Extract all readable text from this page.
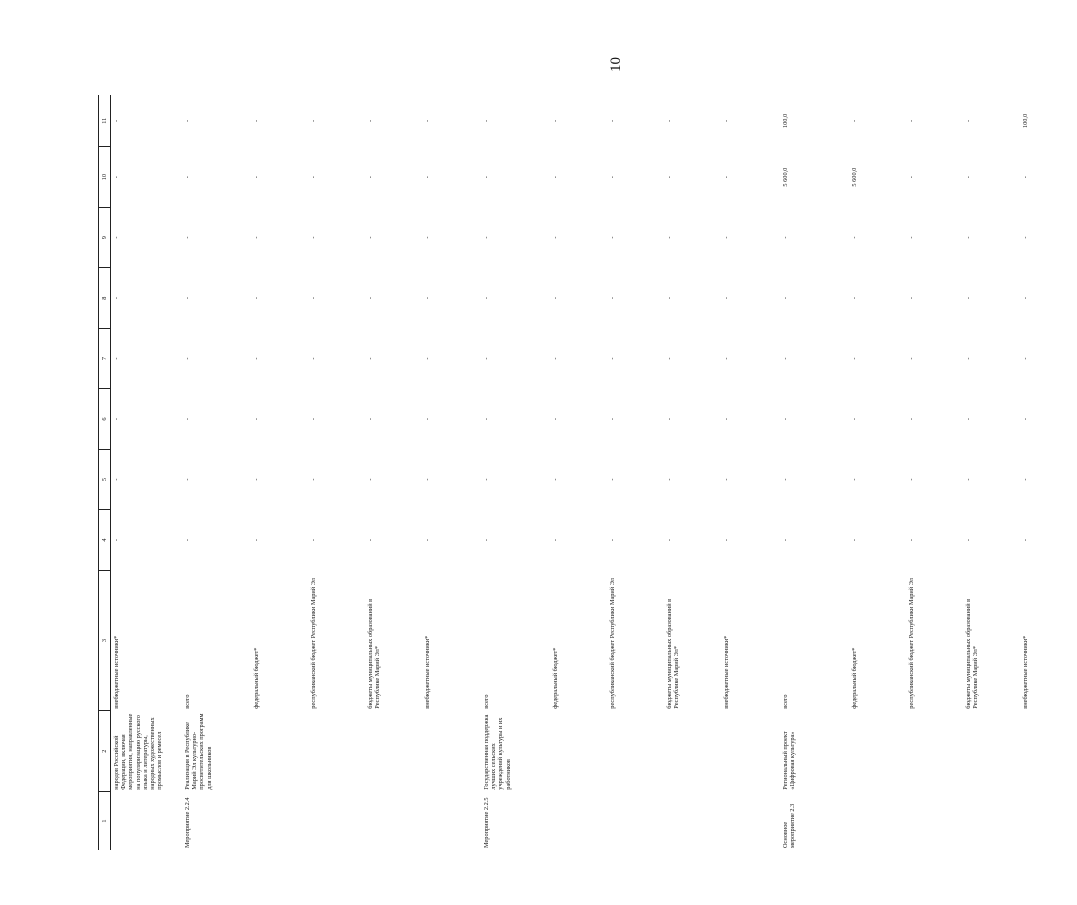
10
1	2	3	4	5	6	7	8	9	10	11
	народов Российской Федерации, включая мероприятия, направленные на популяризацию русского языка и литературы, народных художественных промыслов и ремесел	внебюджетные источники*	-	-	-	-	-	-	-	-
Мероприятие 2.2.4	Реализация в Республике Марий Эл культурно-просветительских программ для школьников	всего	-	-	-	-	-	-	-	-
		федеральный бюджет*	-	-	-	-	-	-	-	-
		республиканский бюджет Республики Марий Эл	-	-	-	-	-	-	-	-
		бюджеты муниципальных образований в Республике Марий Эл*	-	-	-	-	-	-	-	-
		внебюджетные источники*	-	-	-	-	-	-	-	-
Мероприятие 2.2.5	Государственная поддержка лучших сельских учреждений культуры и их работников	всего	-	-	-	-	-	-	-	-
		федеральный бюджет*	-	-	-	-	-	-	-	-
		республиканский бюджет Республики Марий Эл	-	-	-	-	-	-	-	-
		бюджеты муниципальных образований в Республике Марий Эл*	-	-	-	-	-	-	-	-
		внебюджетные источники*	-	-	-	-	-	-	-	-
Основное мероприятие 2.3	Региональный проект «Цифровая культура»	всего	-	-	-	-	-	-	5 600,0	100,0
		федеральный бюджет*	-	-	-	-	-	-	5 600,0	-
		республиканский бюджет Республики Марий Эл	-	-	-	-	-	-	-	-
		бюджеты муниципальных образований в Республике Марий Эл*	-	-	-	-	-	-	-	-
		внебюджетные источники*	-	-	-	-	-	-	-	100,0
